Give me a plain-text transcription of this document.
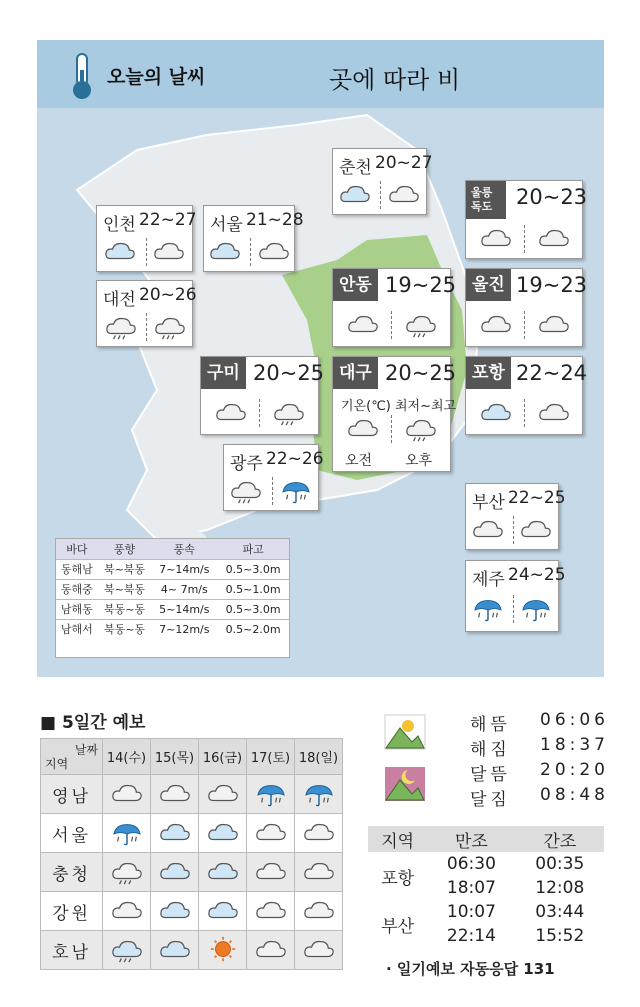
오늘의 날씨	곳에 따라 비
인천 22~27 서울 21~28
춘천 20~27
울릉 독도	20~23
대전 20~26	안동 19~25 울진 19~23
구미 20~25 대구 20~25
기온(℃) 최저~최고
오전 오후
포항 22~24
광주 22~26
부산 22~25
제주 24~25
바다	풍향	풍속	파고
동해남	북~북동	7~14m/s	0.5~3.0m
동해중	북~북동	4~ 7m/s	0.5~1.0m
남해동	북동~동	5~14m/s	0.5~3.0m
남해서	북동~동	7~12m/s	0.5~2.0m
■ 5일간 예보
날짜
지역	14(수)	15(목)	16(금)	17(토)	18(일)
영남	

서울	

충청	

강원	

호남	

해뜸 06:06
해짐 18:37
달뜸 20:20
달짐 08:48
지역	만조	간조
포항	06:30	00:35
	18:07	12:08
부산	10:07	03:44
	22:14	15:52
· 일기예보 자동응답 131
